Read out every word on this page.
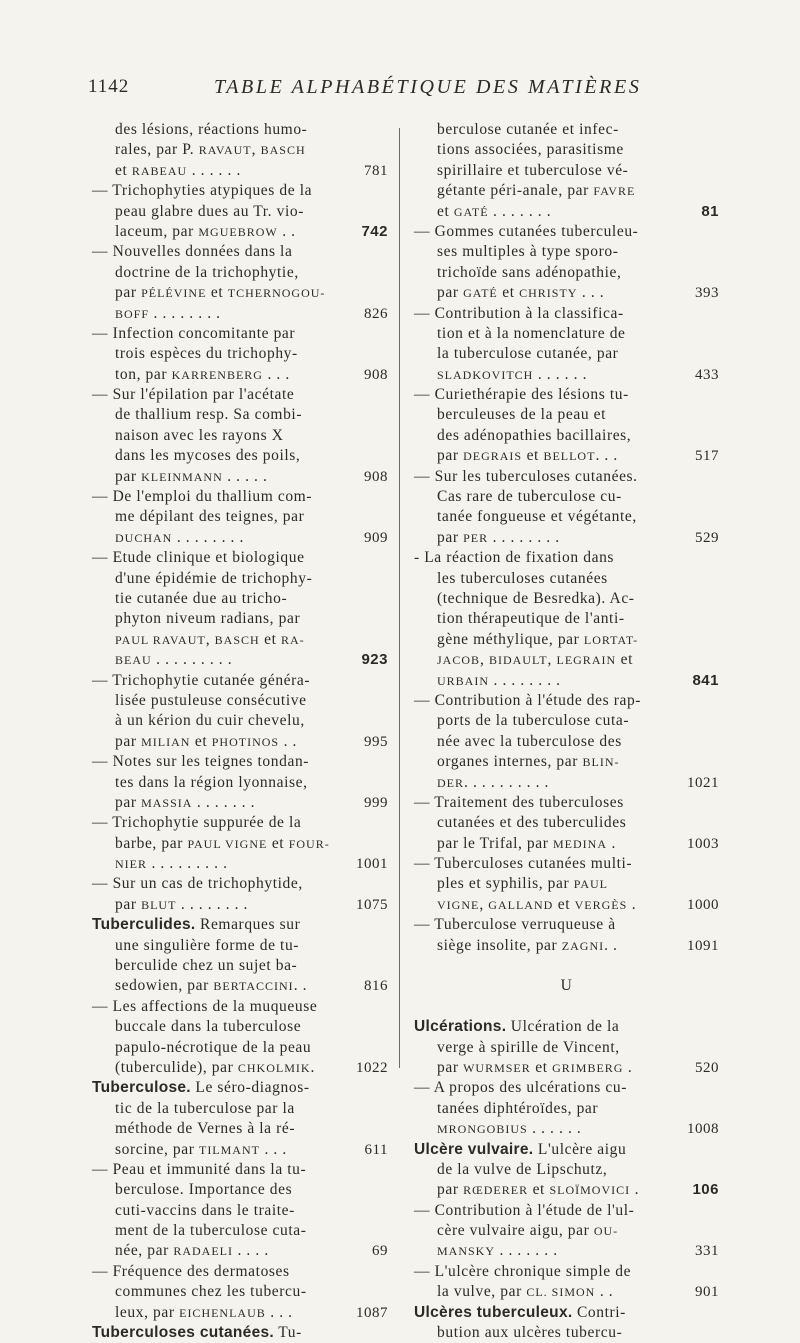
1142	TABLE ALPHABÉTIQUE DES MATIÈRES
des lésions, réactions humo-
rales, par P. RAVAUT, BASCH
et RABEAU . . . . . .	781
— Trichophyties atypiques de la
peau glabre dues au Tr. vio-
laceum, par MGUEBROW . .	742
— Nouvelles données dans la
doctrine de la trichophytie,
par PÉLÉVINE et TCHERNOGOU-
BOFF . . . . . . . .	826
— Infection concomitante par
trois espèces du trichophy-
ton, par KARRENBERG . . .	908
— Sur l'épilation par l'acétate
de thallium resp. Sa combi-
naison avec les rayons X
dans les mycoses des poils,
par KLEINMANN . . . . .	908
— De l'emploi du thallium com-
me dépilant des teignes, par
DUCHAN . . . . . . . .	909
— Etude clinique et biologique
d'une épidémie de trichophy-
tie cutanée due au tricho-
phyton niveum radians, par
PAUL RAVAUT, BASCH et RA-
BEAU . . . . . . . . .	923
— Trichophytie cutanée généra-
lisée pustuleuse consécutive
à un kérion du cuir chevelu,
par MILIAN et PHOTINOS . .	995
— Notes sur les teignes tondan-
tes dans la région lyonnaise,
par MASSIA . . . . . . .	999
— Trichophytie suppurée de la
barbe, par PAUL VIGNE et FOUR-
NIER . . . . . . . . .	1001
— Sur un cas de trichophytide,
par BLUT . . . . . . . .	1075
Tuberculides. Remarques sur
une singulière forme de tu-
berculide chez un sujet ba-
sedowien, par BERTACCINI. .	816
— Les affections de la muqueuse
buccale dans la tuberculose
papulo-nécrotique de la peau
(tuberculide), par CHKOLMIK.	1022
Tuberculose. Le séro-diagnos-
tic de la tuberculose par la
méthode de Vernes à la ré-
sorcine, par TILMANT . . .	611
— Peau et immunité dans la tu-
berculose. Importance des
cuti-vaccins dans le traite-
ment de la tuberculose cuta-
née, par RADAELI . . . .	69
— Fréquence des dermatoses
communes chez les tubercu-
leux, par EICHENLAUB . . .	1087
Tuberculoses cutanées. Tu-
berculose cutanée et infec-
tions associées, parasitisme
spirillaire et tuberculose vé-
gétante péri-anale, par FAVRE
et GATÉ . . . . . . .	81
— Gommes cutanées tuberculeu-
ses multiples à type sporo-
trichoïde sans adénopathie,
par GATÉ et CHRISTY . . .	393
— Contribution à la classifica-
tion et à la nomenclature de
la tuberculose cutanée, par
SLADKOVITCH . . . . . .	433
— Curiethérapie des lésions tu-
berculeuses de la peau et
des adénopathies bacillaires,
par DEGRAIS et BELLOT. . .	517
— Sur les tuberculoses cutanées.
Cas rare de tuberculose cu-
tanée fongueuse et végétante,
par PER . . . . . . . .	529
- La réaction de fixation dans
les tuberculoses cutanées
(technique de Besredka). Ac-
tion thérapeutique de l'anti-
gène méthylique, par LORTAT-
JACOB, BIDAULT, LEGRAIN et
URBAIN . . . . . . . .	841
— Contribution à l'étude des rap-
ports de la tuberculose cuta-
née avec la tuberculose des
organes internes, par BLIN-
DER. . . . . . . . . .	1021
— Traitement des tuberculoses
cutanées et des tuberculides
par le Trifal, par MEDINA .	1003
— Tuberculoses cutanées multi-
ples et syphilis, par PAUL
VIGNE, GALLAND et VERGÈS .	1000
— Tuberculose verruqueuse à
siège insolite, par ZAGNI. .	1091
U
Ulcérations. Ulcération de la
verge à spirille de Vincent,
par WURMSER et GRIMBERG .	520
— A propos des ulcérations cu-
tanées diphtéroïdes, par
MRONGOBIUS . . . . . .	1008
Ulcère vulvaire. L'ulcère aigu
de la vulve de Lipschutz,
par RŒDERER et SLOÏMOVICI .	106
— Contribution à l'étude de l'ul-
cère vulvaire aigu, par OU-
MANSKY . . . . . . .	331
— L'ulcère chronique simple de
la vulve, par CL. SIMON . .	901
Ulcères tuberculeux. Contri-
bution aux ulcères tubercu-
